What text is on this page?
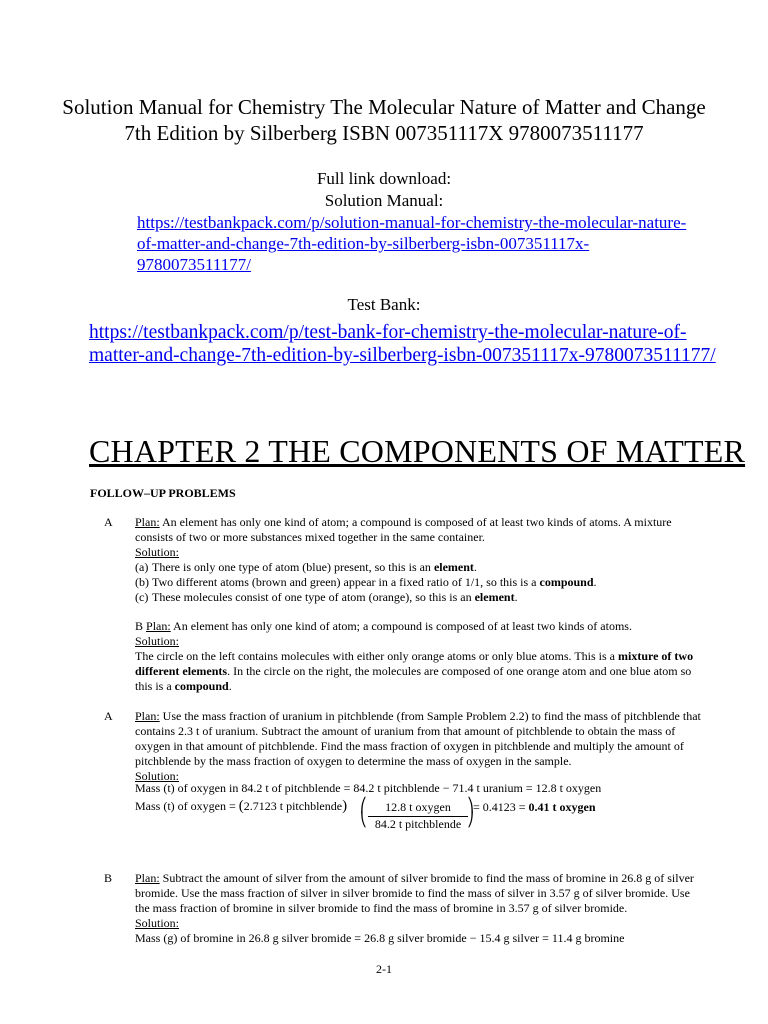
Solution Manual for Chemistry The Molecular Nature of Matter and Change 7th Edition by Silberberg ISBN 007351117X 9780073511177
Full link download:
Solution Manual:
https://testbankpack.com/p/solution-manual-for-chemistry-the-molecular-nature-of-matter-and-change-7th-edition-by-silberberg-isbn-007351117x-9780073511177/
Test Bank:
https://testbankpack.com/p/test-bank-for-chemistry-the-molecular-nature-of-matter-and-change-7th-edition-by-silberberg-isbn-007351117x-9780073511177/
CHAPTER 2 THE COMPONENTS OF MATTER
FOLLOW–UP PROBLEMS
A Plan: An element has only one kind of atom; a compound is composed of at least two kinds of atoms. A mixture consists of two or more substances mixed together in the same container.
Solution:
(a) There is only one type of atom (blue) present, so this is an element.
(b) Two different atoms (brown and green) appear in a fixed ratio of 1/1, so this is a compound.
(c) These molecules consist of one type of atom (orange), so this is an element.
B Plan: An element has only one kind of atom; a compound is composed of at least two kinds of atoms.
Solution:
The circle on the left contains molecules with either only orange atoms or only blue atoms. This is a mixture of two different elements. In the circle on the right, the molecules are composed of one orange atom and one blue atom so this is a compound.
A Plan: Use the mass fraction of uranium in pitchblende (from Sample Problem 2.2) to find the mass of pitchblende that contains 2.3 t of uranium. Subtract the amount of uranium from that amount of pitchblende to obtain the mass of oxygen in that amount of pitchblende. Find the mass fraction of oxygen in pitchblende and multiply the amount of pitchblende by the mass fraction of oxygen to determine the mass of oxygen in the sample.
Solution:
Mass (t) of oxygen in 84.2 t of pitchblende = 84.2 t pitchblende − 71.4 t uranium = 12.8 t oxygen
Mass (t) of oxygen = (2.7123 t pitchblende) ⎛
⎝
12.8 t oxygen
84.2 t pitchblende
⎞
⎠
= 0.4123 = 0.41 t oxygen
B Plan: Subtract the amount of silver from the amount of silver bromide to find the mass of bromine in 26.8 g of silver bromide. Use the mass fraction of silver in silver bromide to find the mass of silver in 3.57 g of silver bromide. Use the mass fraction of bromine in silver bromide to find the mass of bromine in 3.57 g of silver bromide.
Solution:
Mass (g) of bromine in 26.8 g silver bromide = 26.8 g silver bromide − 15.4 g silver = 11.4 g bromine
2-1
